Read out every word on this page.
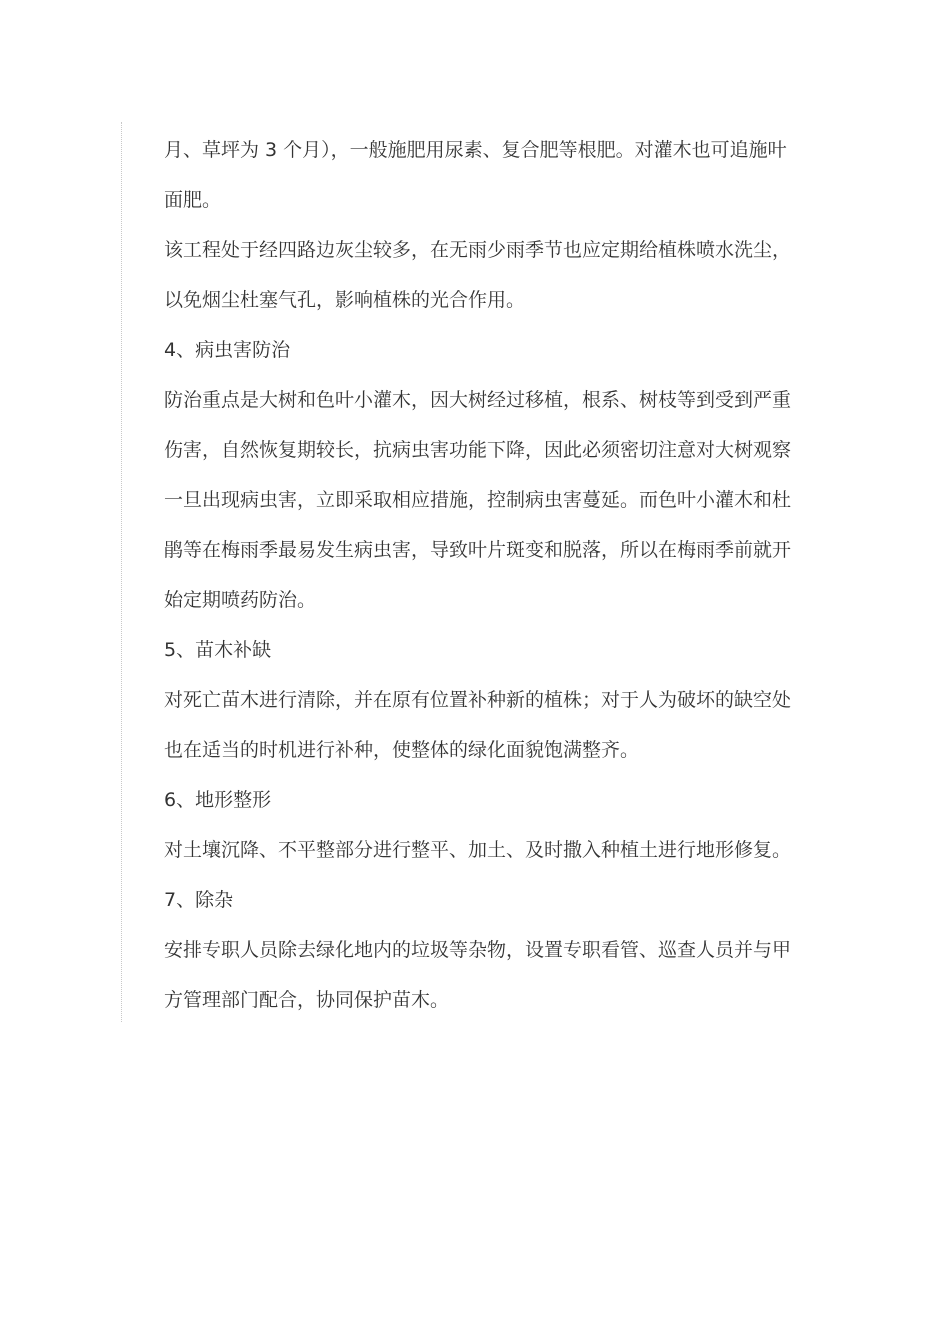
月、草坪为 3 个月），一般施肥用尿素、复合肥等根肥。对灌木也可追施叶
面肥。
该工程处于经四路边灰尘较多，在无雨少雨季节也应定期给植株喷水洗尘，
以免烟尘杜塞气孔，影响植株的光合作用。
4、病虫害防治
防治重点是大树和色叶小灌木，因大树经过移植，根系、树枝等到受到严重
伤害，自然恢复期较长，抗病虫害功能下降，因此必须密切注意对大树观察
一旦出现病虫害，立即采取相应措施，控制病虫害蔓延。而色叶小灌木和杜
鹃等在梅雨季最易发生病虫害，导致叶片斑变和脱落，所以在梅雨季前就开
始定期喷药防治。
5、苗木补缺
对死亡苗木进行清除，并在原有位置补种新的植株；对于人为破坏的缺空处
也在适当的时机进行补种，使整体的绿化面貌饱满整齐。
6、地形整形
对土壤沉降、不平整部分进行整平、加土、及时撒入种植土进行地形修复。
7、除杂
安排专职人员除去绿化地内的垃圾等杂物，设置专职看管、巡查人员并与甲
方管理部门配合，协同保护苗木。
